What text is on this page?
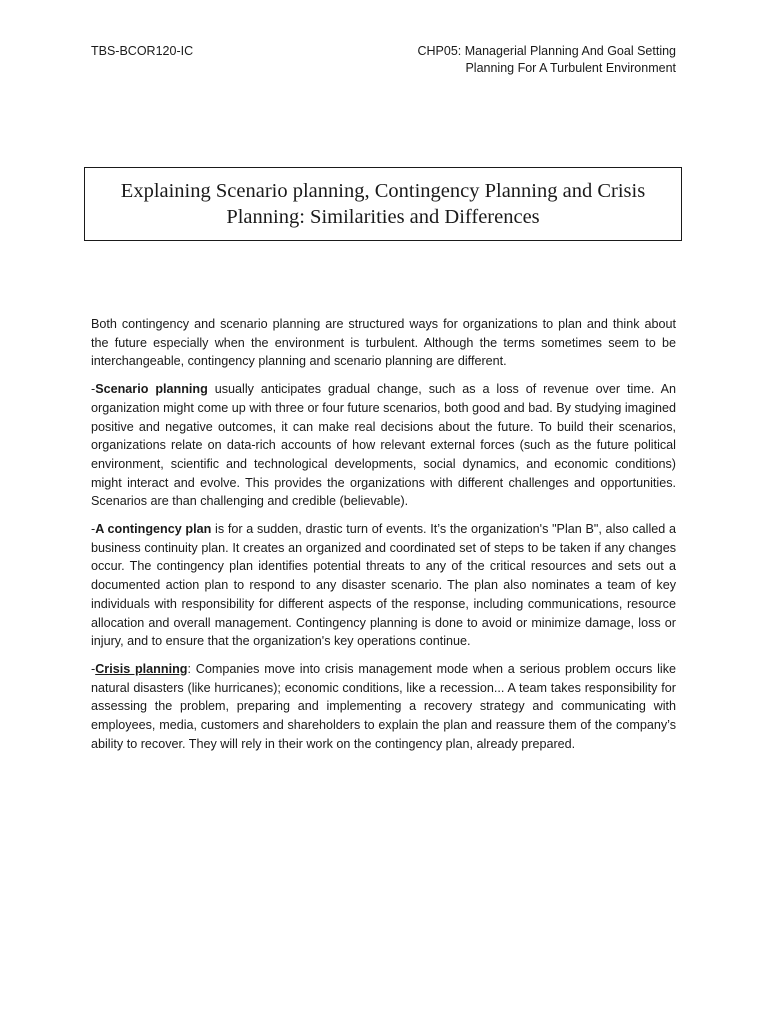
TBS-BCOR120-IC	CHP05: Managerial Planning And Goal Setting
Planning For A Turbulent Environment
Explaining Scenario planning, Contingency Planning and Crisis Planning: Similarities and Differences

Both contingency and scenario planning are structured ways for organizations to plan and think about the future especially when the environment is turbulent. Although the terms sometimes seem to be interchangeable, contingency planning and scenario planning are different.

-Scenario planning usually anticipates gradual change, such as a loss of revenue over time. An organization might come up with three or four future scenarios, both good and bad. By studying imagined positive and negative outcomes, it can make real decisions about the future. To build their scenarios, organizations relate on data-rich accounts of how relevant external forces (such as the future political environment, scientific and technological developments, social dynamics, and economic conditions) might interact and evolve. This provides the organizations with different challenges and opportunities. Scenarios are than challenging and credible (believable).

-A contingency plan is for a sudden, drastic turn of events. It’s the organization's "Plan B", also called a business continuity plan. It creates an organized and coordinated set of steps to be taken if any changes occur. The contingency plan identifies potential threats to any of the critical resources and sets out a documented action plan to respond to any disaster scenario. The plan also nominates a team of key individuals with responsibility for different aspects of the response, including communications, resource allocation and overall management. Contingency planning is done to avoid or minimize damage, loss or injury, and to ensure that the organization's key operations continue.

-Crisis planning: Companies move into crisis management mode when a serious problem occurs like natural disasters (like hurricanes); economic conditions, like a recession... A team takes responsibility for assessing the problem, preparing and implementing a recovery strategy and communicating with employees, media, customers and shareholders to explain the plan and reassure them of the company’s ability to recover. They will rely in their work on the contingency plan, already prepared.
